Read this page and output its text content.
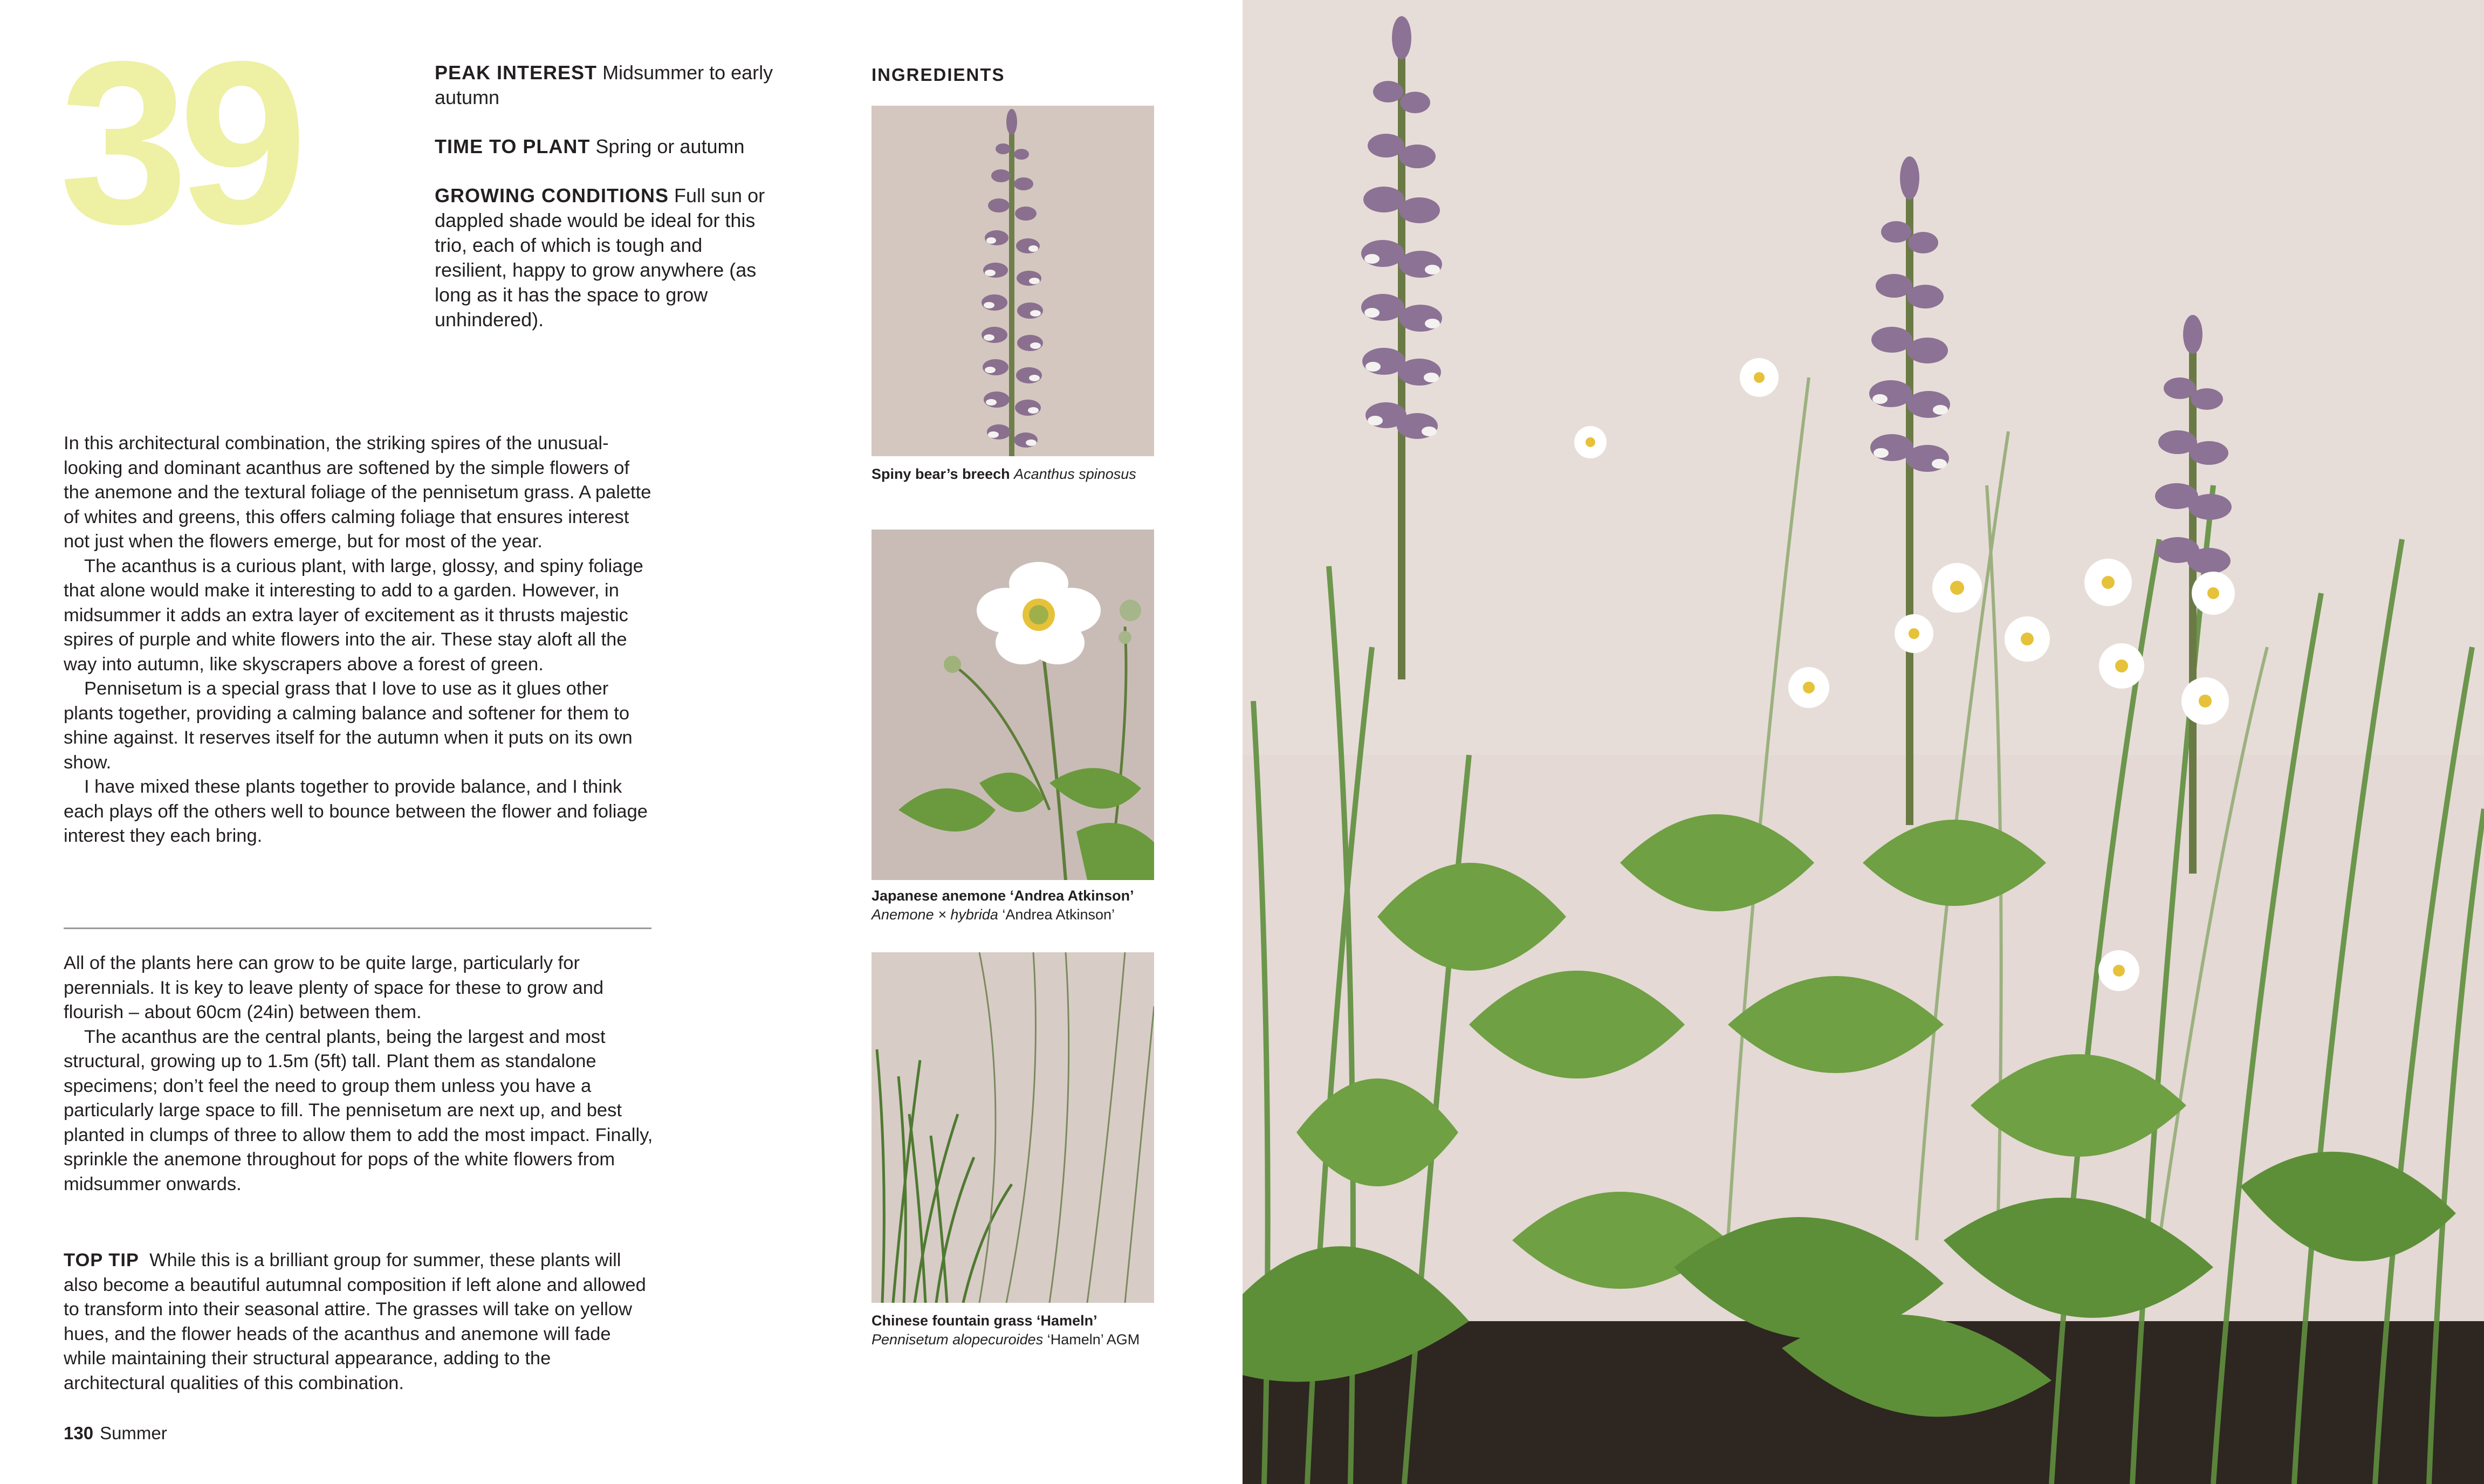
39	PEAK INTEREST Midsummer to early autumn

TIME TO PLANT Spring or autumn

GROWING CONDITIONS Full sun or dappled shade would be ideal for this trio, each of which is tough and resilient, happy to grow anywhere (as long as it has the space to grow unhindered).

In this architectural combination, the striking spires of the unusual-looking and dominant acanthus are softened by the simple flowers of the anemone and the textural foliage of the pennisetum grass. A palette of whites and greens, this offers calming foliage that ensures interest not just when the flowers emerge, but for most of the year.

The acanthus is a curious plant, with large, glossy, and spiny foliage that alone would make it interesting to add to a garden. However, in midsummer it adds an extra layer of excitement as it thrusts majestic spires of purple and white flowers into the air. These stay aloft all the way into autumn, like skyscrapers above a forest of green.

Pennisetum is a special grass that I love to use as it glues other plants together, providing a calming balance and softener for them to shine against. It reserves itself for the autumn when it puts on its own show.

I have mixed these plants together to provide balance, and I think each plays off the others well to bounce between the flower and foliage interest they each bring.

All of the plants here can grow to be quite large, particularly for perennials. It is key to leave plenty of space for these to grow and flourish – about 60cm (24in) between them.

The acanthus are the central plants, being the largest and most structural, growing up to 1.5m (5ft) tall. Plant them as standalone specimens; don’t feel the need to group them unless you have a particularly large space to fill. The pennisetum are next up, and best planted in clumps of three to allow them to add the most impact. Finally, sprinkle the anemone throughout for pops of the white flowers from midsummer onwards.

TOP TIP While this is a brilliant group for summer, these plants will also become a beautiful autumnal composition if left alone and allowed to transform into their seasonal attire. The grasses will take on yellow hues, and the flower heads of the acanthus and anemone will fade while maintaining their structural appearance, adding to the architectural qualities of this combination.
130 Summer
INGREDIENTS
Spiny bear’s breech Acanthus spinosus
Japanese anemone ‘Andrea Atkinson’
Anemone × hybrida ‘Andrea Atkinson’
Chinese fountain grass ‘Hameln’
Pennisetum alopecuroides ‘Hameln’ AGM
